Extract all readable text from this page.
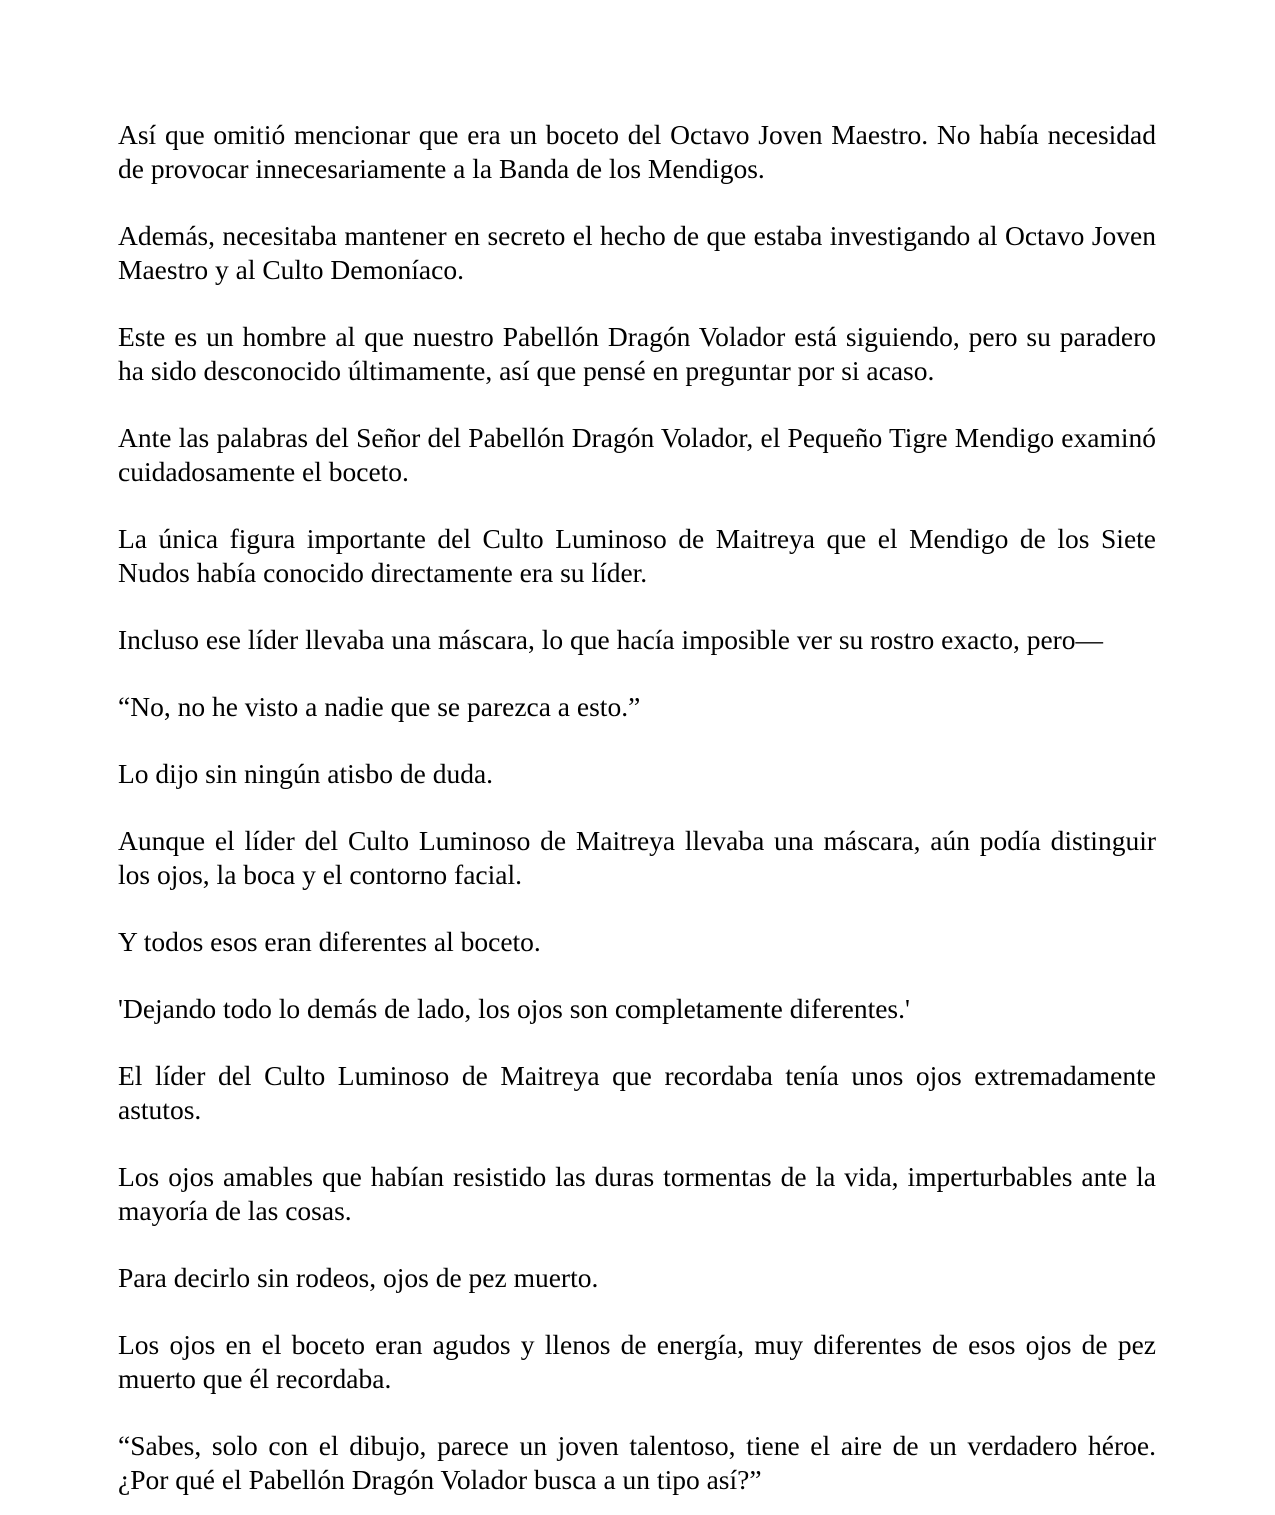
Así que omitió mencionar que era un boceto del Octavo Joven Maestro. No había necesidad de provocar innecesariamente a la Banda de los Mendigos.

Además, necesitaba mantener en secreto el hecho de que estaba investigando al Octavo Joven Maestro y al Culto Demoníaco.

Este es un hombre al que nuestro Pabellón Dragón Volador está siguiendo, pero su paradero ha sido desconocido últimamente, así que pensé en preguntar por si acaso.

Ante las palabras del Señor del Pabellón Dragón Volador, el Pequeño Tigre Mendigo examinó cuidadosamente el boceto.

La única figura importante del Culto Luminoso de Maitreya que el Mendigo de los Siete Nudos había conocido directamente era su líder.

Incluso ese líder llevaba una máscara, lo que hacía imposible ver su rostro exacto, pero—

“No, no he visto a nadie que se parezca a esto.”

Lo dijo sin ningún atisbo de duda.

Aunque el líder del Culto Luminoso de Maitreya llevaba una máscara, aún podía distinguir los ojos, la boca y el contorno facial.

Y todos esos eran diferentes al boceto.

'Dejando todo lo demás de lado, los ojos son completamente diferentes.'

El líder del Culto Luminoso de Maitreya que recordaba tenía unos ojos extremadamente astutos.

Los ojos amables que habían resistido las duras tormentas de la vida, imperturbables ante la mayoría de las cosas.

Para decirlo sin rodeos, ojos de pez muerto.

Los ojos en el boceto eran agudos y llenos de energía, muy diferentes de esos ojos de pez muerto que él recordaba.

“Sabes, solo con el dibujo, parece un joven talentoso, tiene el aire de un verdadero héroe. ¿Por qué el Pabellón Dragón Volador busca a un tipo así?”
